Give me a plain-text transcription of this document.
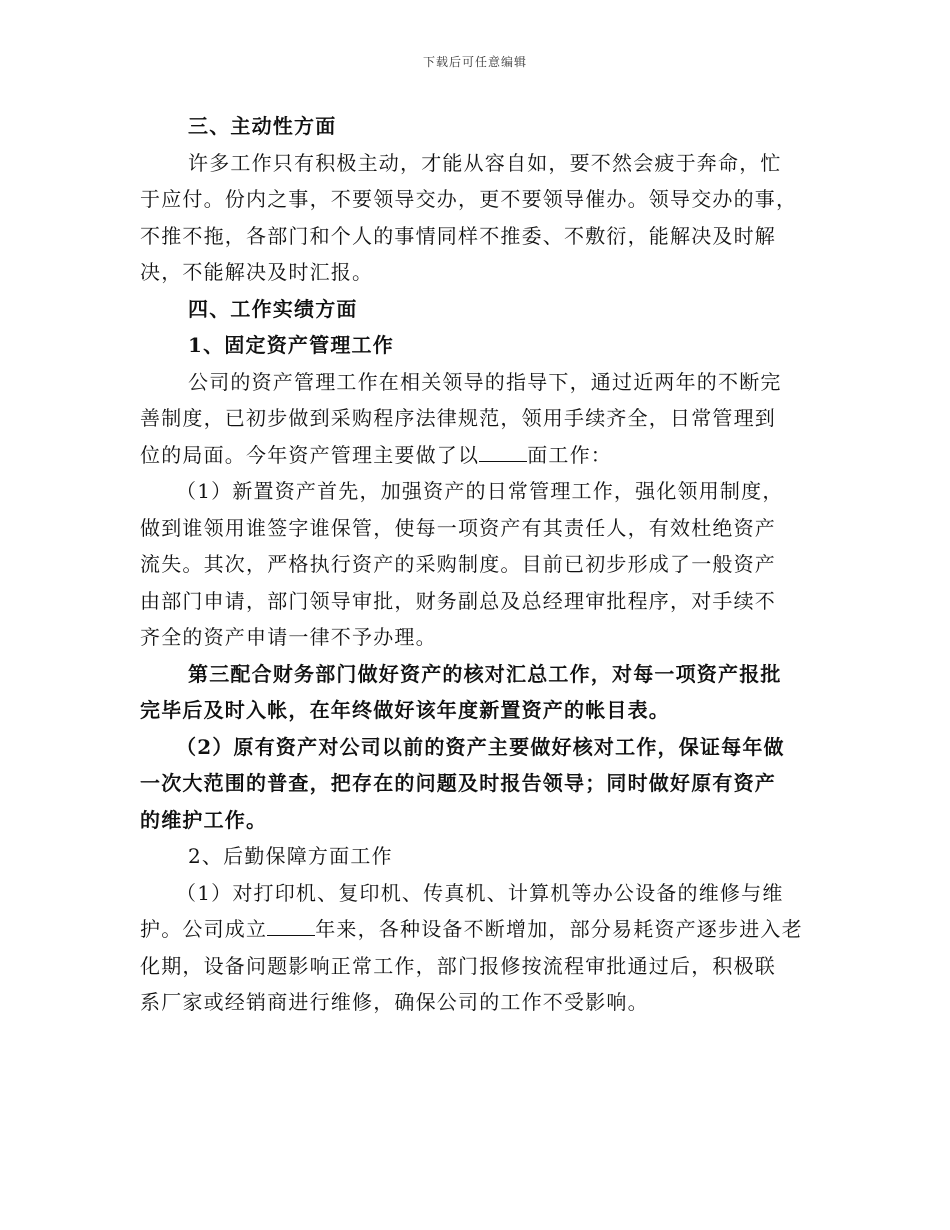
下载后可任意编辑
三、主动性方面
许多工作只有积极主动，才能从容自如，要不然会疲于奔命，忙
于应付。份内之事，不要领导交办，更不要领导催办。领导交办的事，
不推不拖，各部门和个人的事情同样不推委、不敷衍，能解决及时解
决，不能解决及时汇报。
四、工作实绩方面
1、固定资产管理工作
公司的资产管理工作在相关领导的指导下，通过近两年的不断完
善制度，已初步做到采购程序法律规范，领用手续齐全，日常管理到
位的局面。今年资产管理主要做了以 面工作：
（1）新置资产首先，加强资产的日常管理工作，强化领用制度，
做到谁领用谁签字谁保管，使每一项资产有其责任人，有效杜绝资产
流失。其次，严格执行资产的采购制度。目前已初步形成了一般资产
由部门申请，部门领导审批，财务副总及总经理审批程序，对手续不
齐全的资产申请一律不予办理。
第三配合财务部门做好资产的核对汇总工作，对每一项资产报批
完毕后及时入帐，在年终做好该年度新置资产的帐目表。
（2）原有资产对公司以前的资产主要做好核对工作，保证每年做
一次大范围的普查，把存在的问题及时报告领导；同时做好原有资产
的维护工作。
2、后勤保障方面工作
（1）对打印机、复印机、传真机、计算机等办公设备的维修与维
护。公司成立 年来，各种设备不断增加，部分易耗资产逐步进入老
化期，设备问题影响正常工作，部门报修按流程审批通过后，积极联
系厂家或经销商进行维修，确保公司的工作不受影响。
